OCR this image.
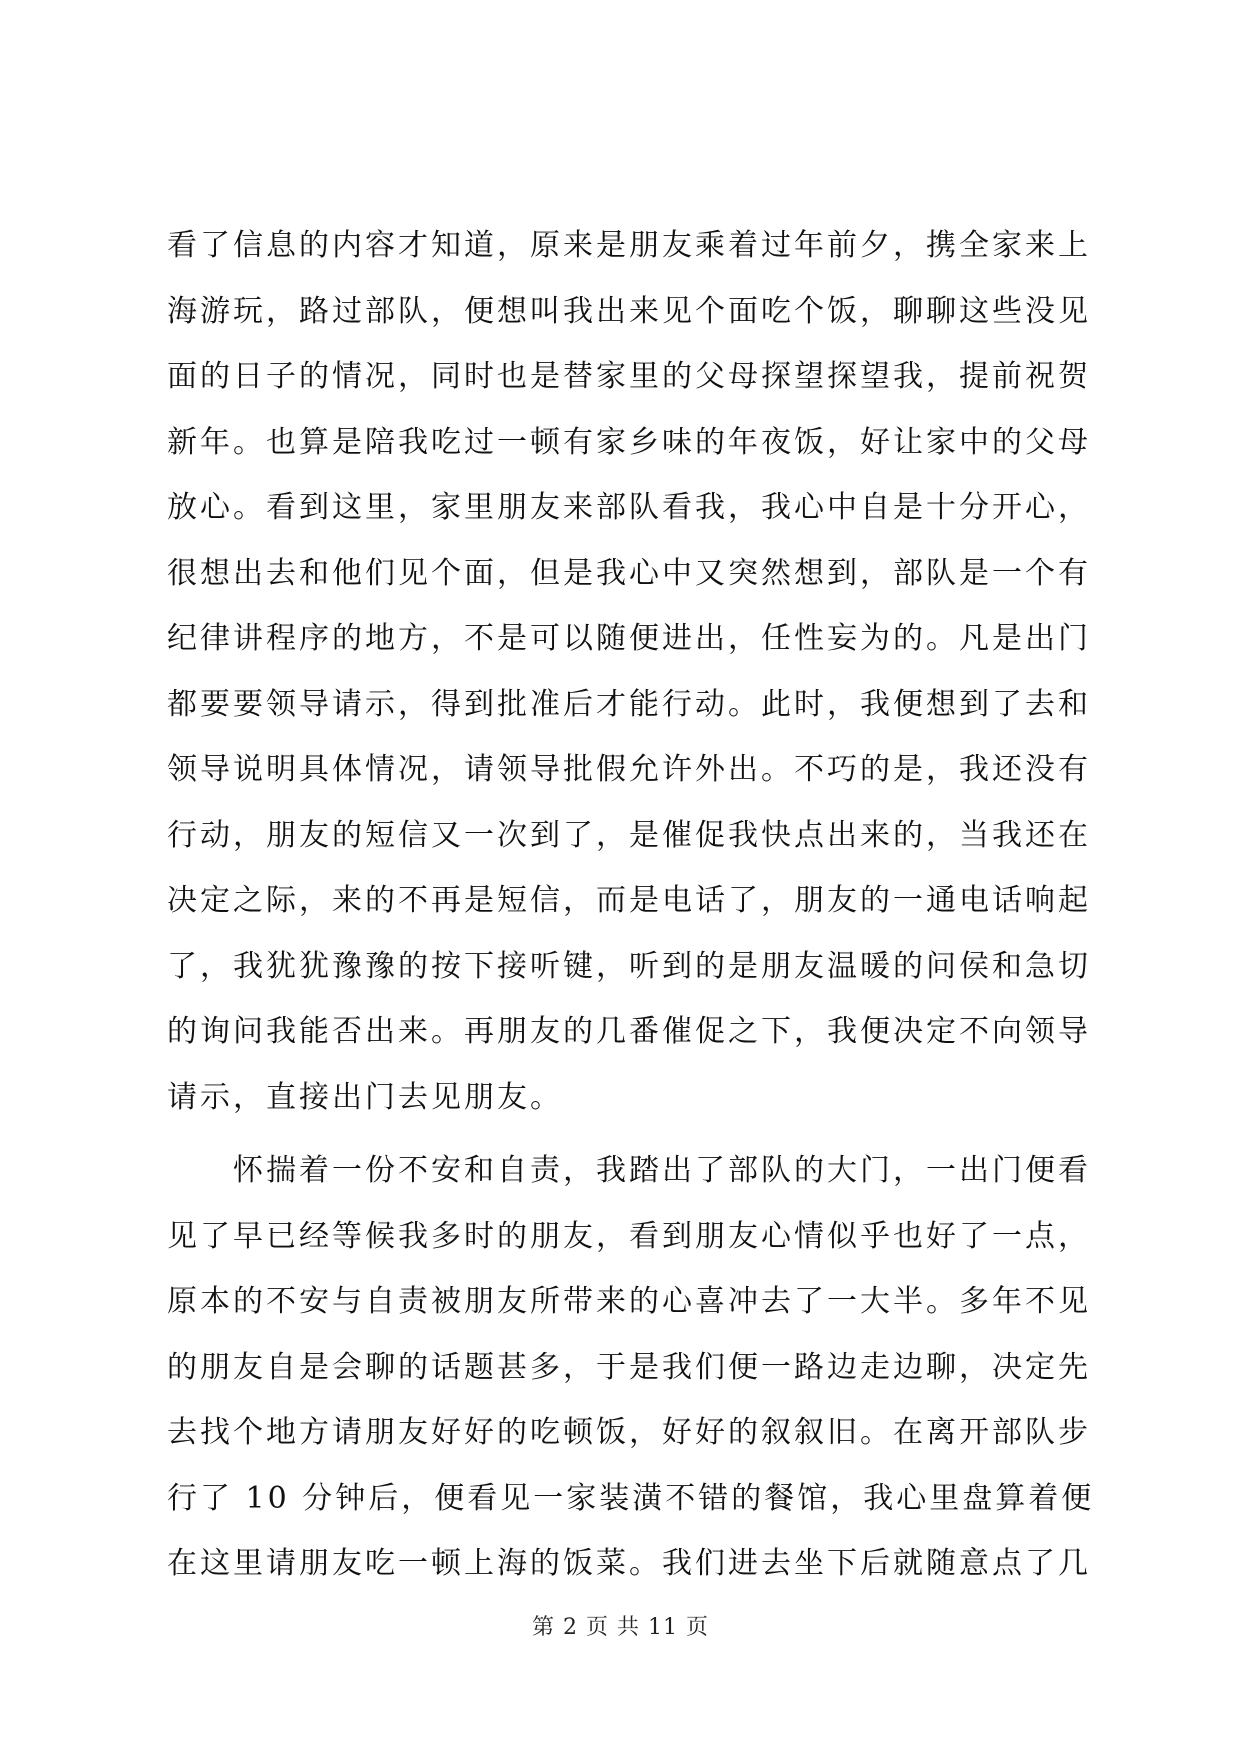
看了信息的内容才知道，原来是朋友乘着过年前夕，携全家来上
海游玩，路过部队，便想叫我出来见个面吃个饭，聊聊这些没见
面的日子的情况，同时也是替家里的父母探望探望我，提前祝贺
新年。也算是陪我吃过一顿有家乡味的年夜饭，好让家中的父母
放心。看到这里，家里朋友来部队看我，我心中自是十分开心，
很想出去和他们见个面，但是我心中又突然想到，部队是一个有
纪律讲程序的地方，不是可以随便进出，任性妄为的。凡是出门
都要要领导请示，得到批准后才能行动。此时，我便想到了去和
领导说明具体情况，请领导批假允许外出。不巧的是，我还没有
行动，朋友的短信又一次到了，是催促我快点出来的，当我还在
决定之际，来的不再是短信，而是电话了，朋友的一通电话响起
了，我犹犹豫豫的按下接听键，听到的是朋友温暖的问侯和急切
的询问我能否出来。再朋友的几番催促之下，我便决定不向领导
请示，直接出门去见朋友。
　　怀揣着一份不安和自责，我踏出了部队的大门，一出门便看
见了早已经等候我多时的朋友，看到朋友心情似乎也好了一点，
原本的不安与自责被朋友所带来的心喜冲去了一大半。多年不见
的朋友自是会聊的话题甚多，于是我们便一路边走边聊，决定先
去找个地方请朋友好好的吃顿饭，好好的叙叙旧。在离开部队步
行了 10 分钟后，便看见一家装潢不错的餐馆，我心里盘算着便
在这里请朋友吃一顿上海的饭菜。我们进去坐下后就随意点了几
第 2 页 共 11 页
